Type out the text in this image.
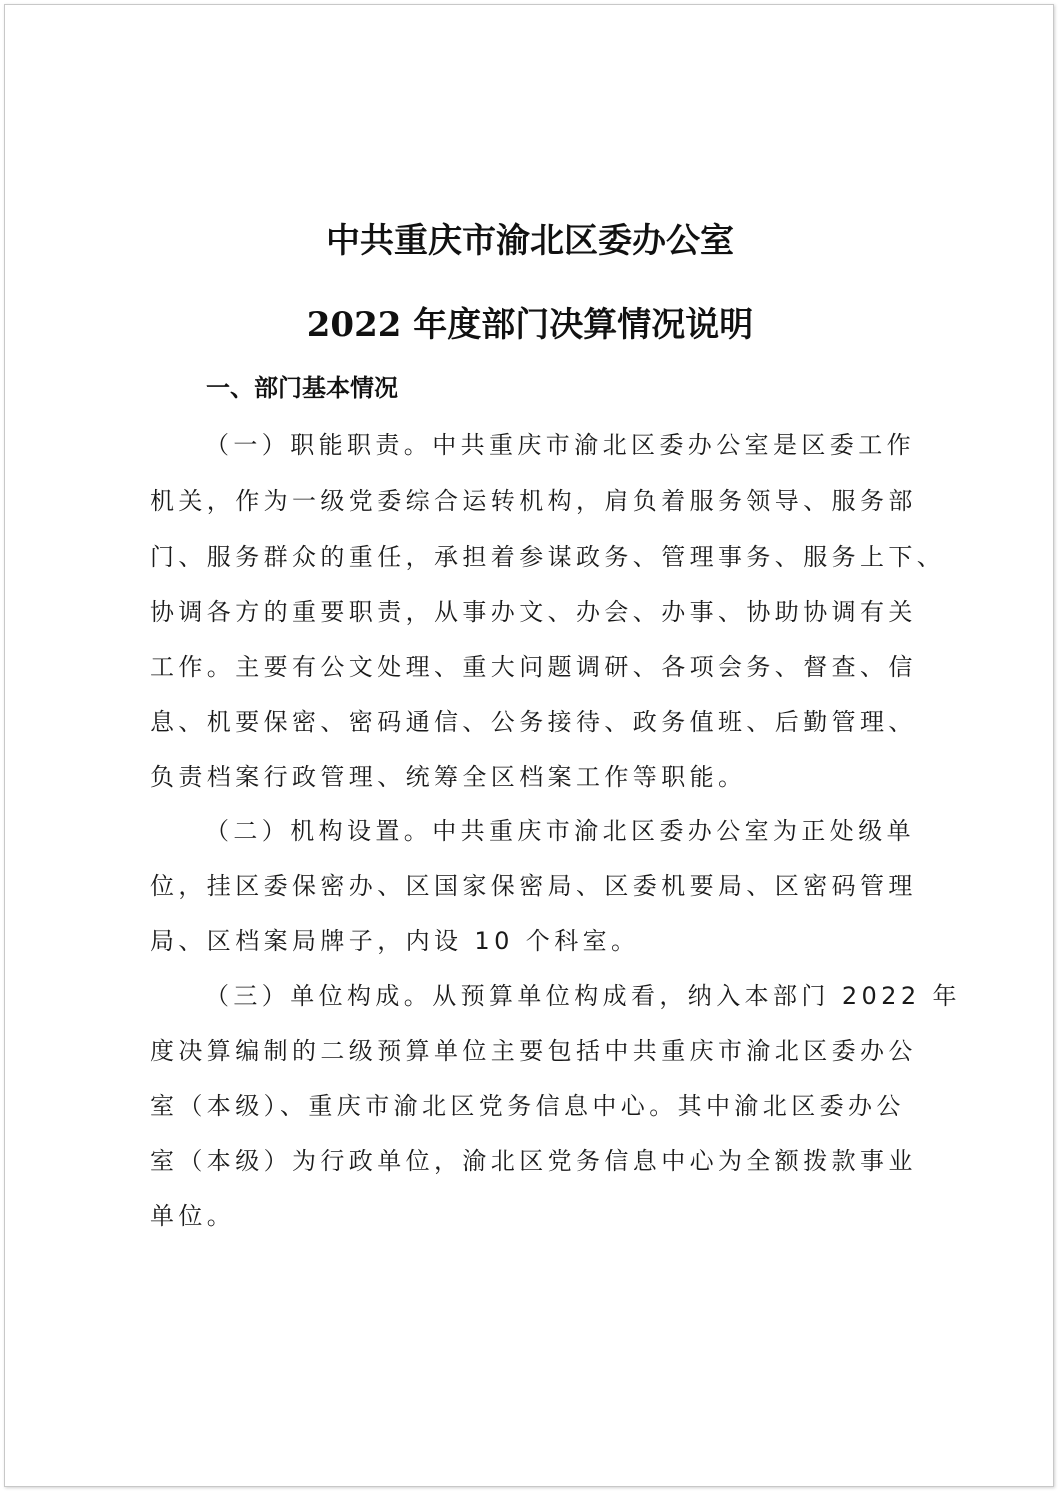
中共重庆市渝北区委办公室
2022 年度部门决算情况说明
一、部门基本情况

（一）职能职责。中共重庆市渝北区委办公室是区委工作

机关，作为一级党委综合运转机构，肩负着服务领导、服务部

门、服务群众的重任，承担着参谋政务、管理事务、服务上下、

协调各方的重要职责，从事办文、办会、办事、协助协调有关

工作。主要有公文处理、重大问题调研、各项会务、督查、信

息、机要保密、密码通信、公务接待、政务值班、后勤管理、

负责档案行政管理、统筹全区档案工作等职能。

（二）机构设置。中共重庆市渝北区委办公室为正处级单

位，挂区委保密办、区国家保密局、区委机要局、区密码管理

局、区档案局牌子，内设 10 个科室。

（三）单位构成。从预算单位构成看，纳入本部门 2022 年

度决算编制的二级预算单位主要包括中共重庆市渝北区委办公

室（本级）、重庆市渝北区党务信息中心。其中渝北区委办公

室（本级）为行政单位，渝北区党务信息中心为全额拨款事业

单位。
